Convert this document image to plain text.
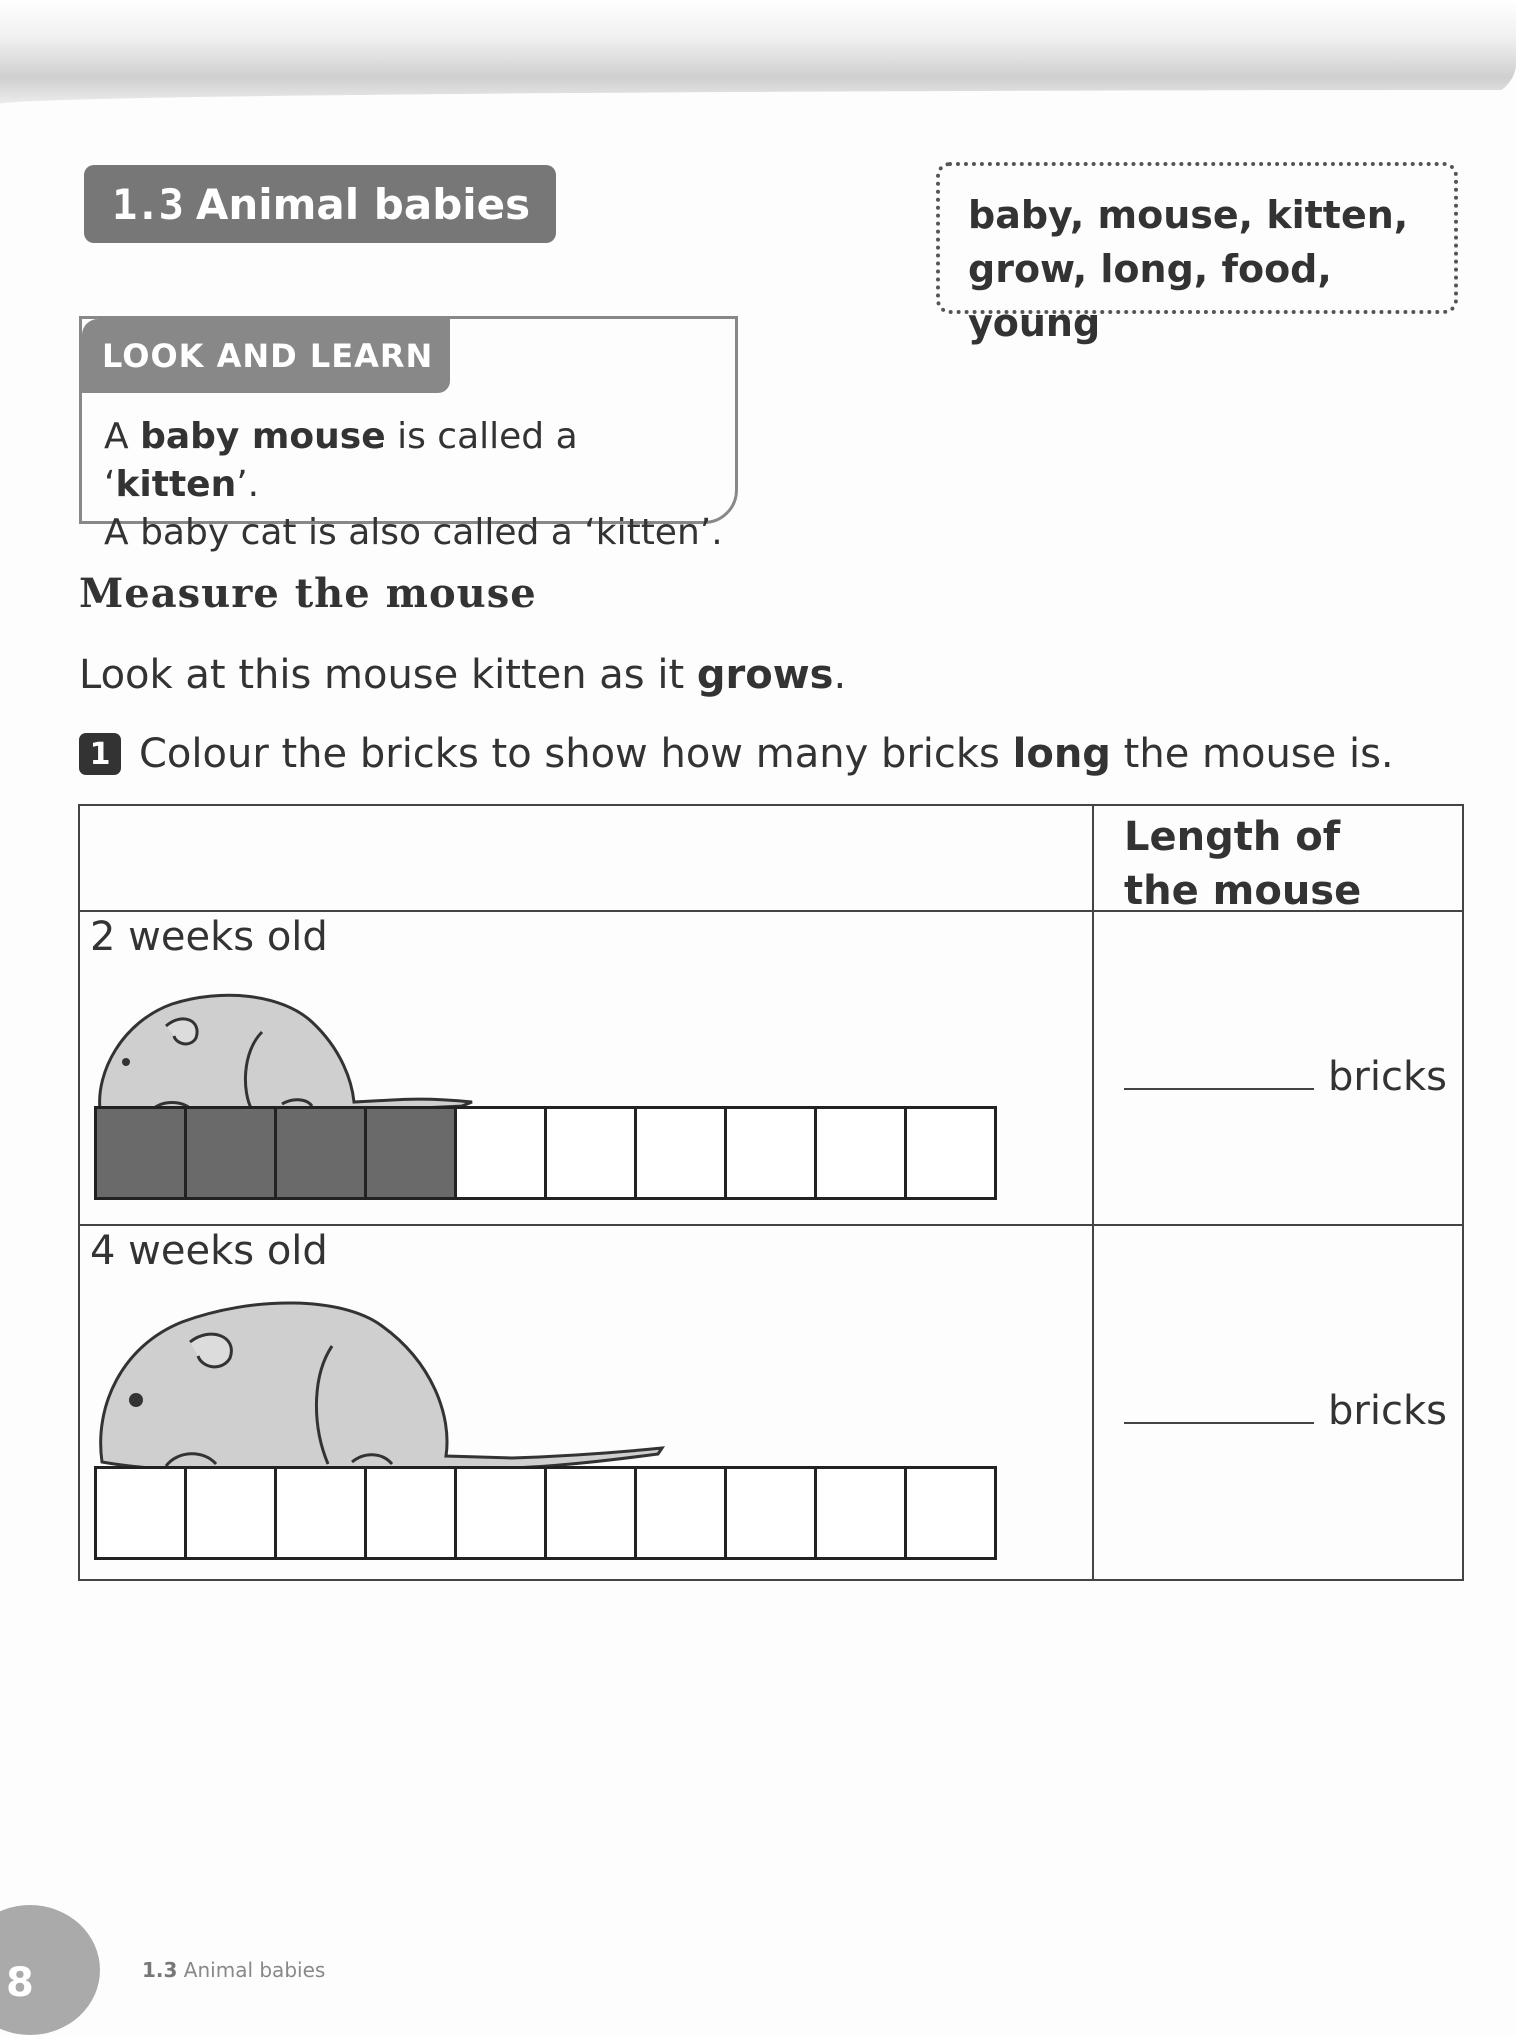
1.3 Animal babies	baby, mouse, kitten,
grow, long, food, young
LOOK AND LEARN
A baby mouse is called a ‘kitten’.
A baby cat is also called a ‘kitten’.
Measure the mouse
Look at this mouse kitten as it grows.
1 Colour the bricks to show how many bricks long the mouse is.
Length of the mouse
2 weeks old
bricks
4 weeks old
bricks
8	1.3 Animal babies
